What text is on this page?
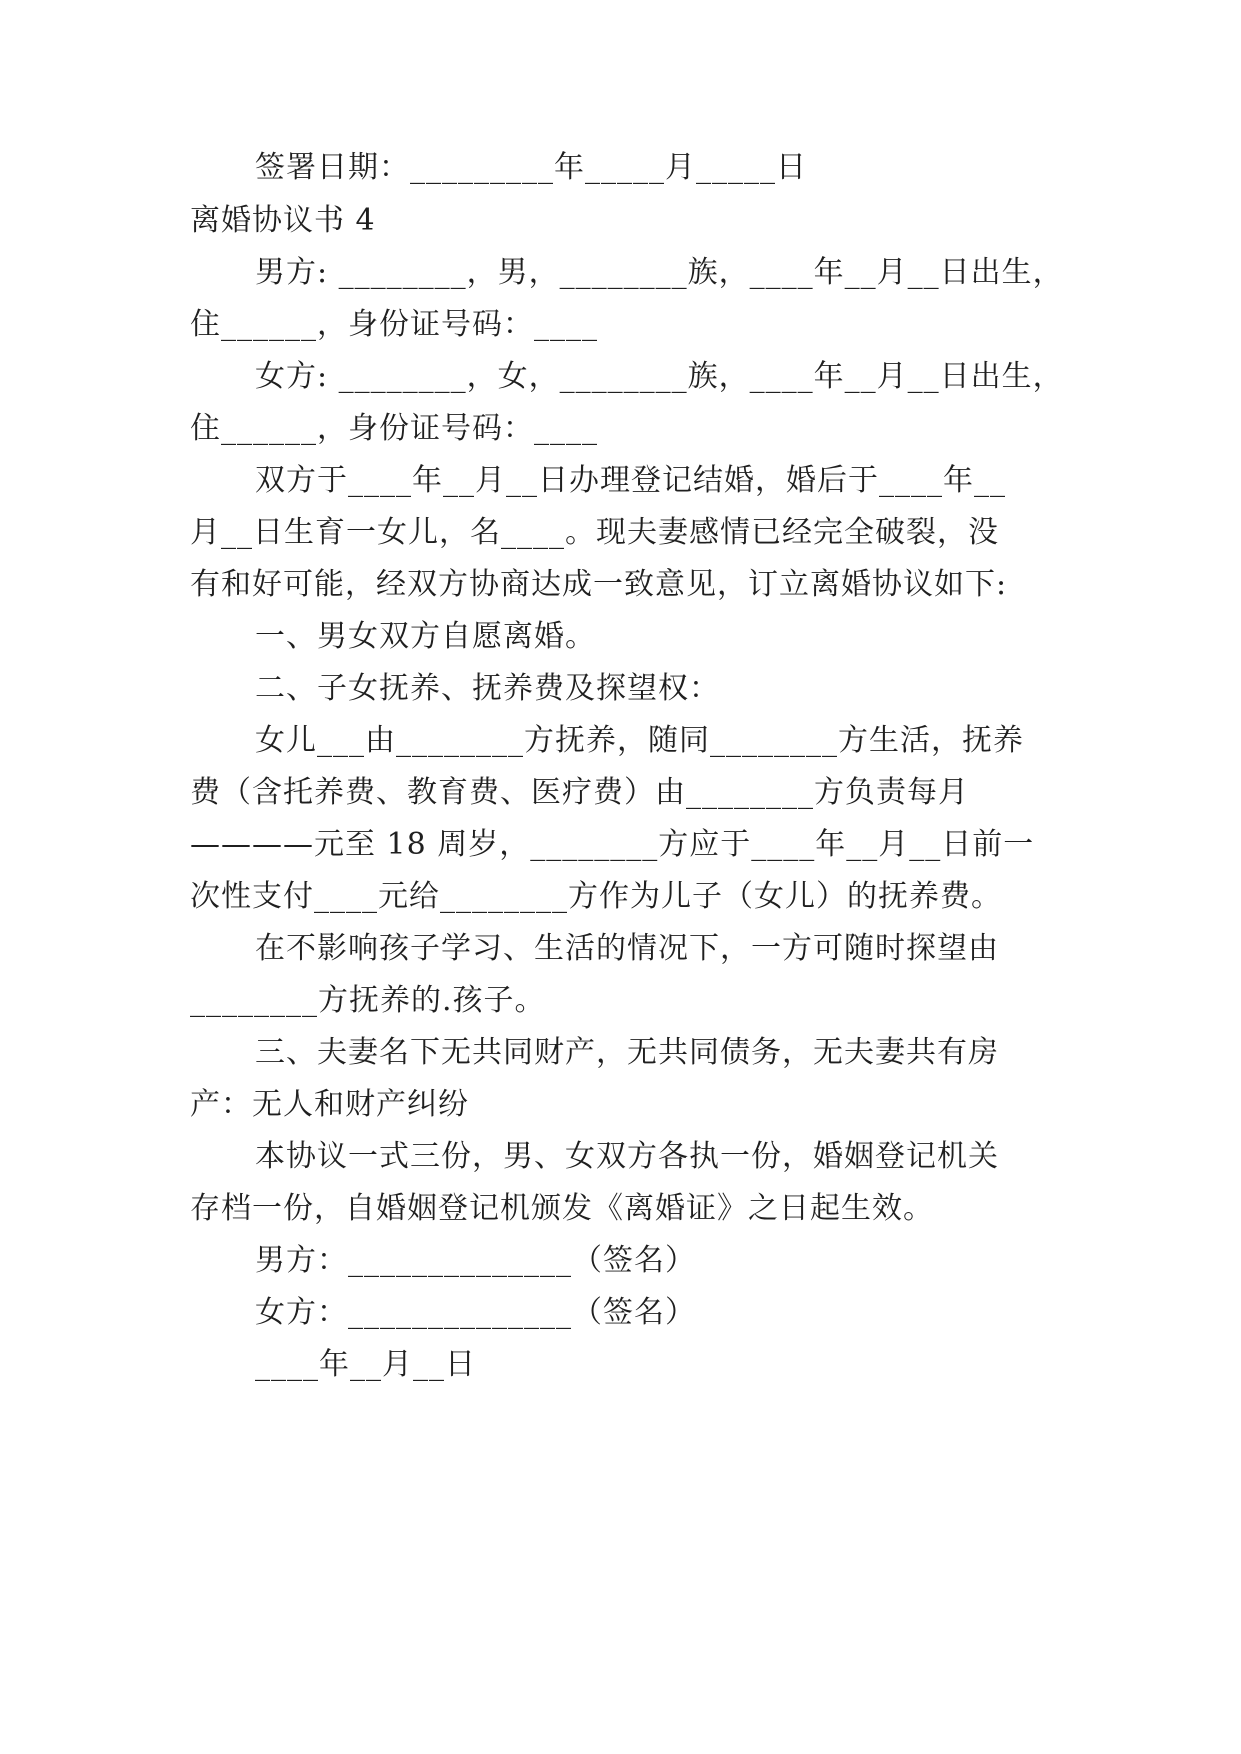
签署日期：_________年_____月_____日
离婚协议书 4
男方: ________，男，________族，____年__月__日出生，
住______，身份证号码：____
女方: ________，女，________族，____年__月__日出生，
住______，身份证号码：____
双方于____年__月__日办理登记结婚，婚后于____年__
月__日生育一女儿，名____。现夫妻感情已经完全破裂，没
有和好可能，经双方协商达成一致意见，订立离婚协议如下:
一、男女双方自愿离婚。
二、子女抚养、抚养费及探望权：
女儿___由________方抚养，随同________方生活，抚养
费（含托养费、教育费、医疗费）由________方负责每月
————元至 18 周岁，________方应于____年__月__日前一
次性支付____元给________方作为儿子（女儿）的抚养费。
在不影响孩子学习、生活的情况下，一方可随时探望由
________方抚养的.孩子。
三、夫妻名下无共同财产，无共同债务，无夫妻共有房
产：无人和财产纠纷
本协议一式三份，男、女双方各执一份，婚姻登记机关
存档一份，自婚姻登记机颁发《离婚证》之日起生效。
男方：______________（签名）
女方：______________（签名）
____年__月__日
